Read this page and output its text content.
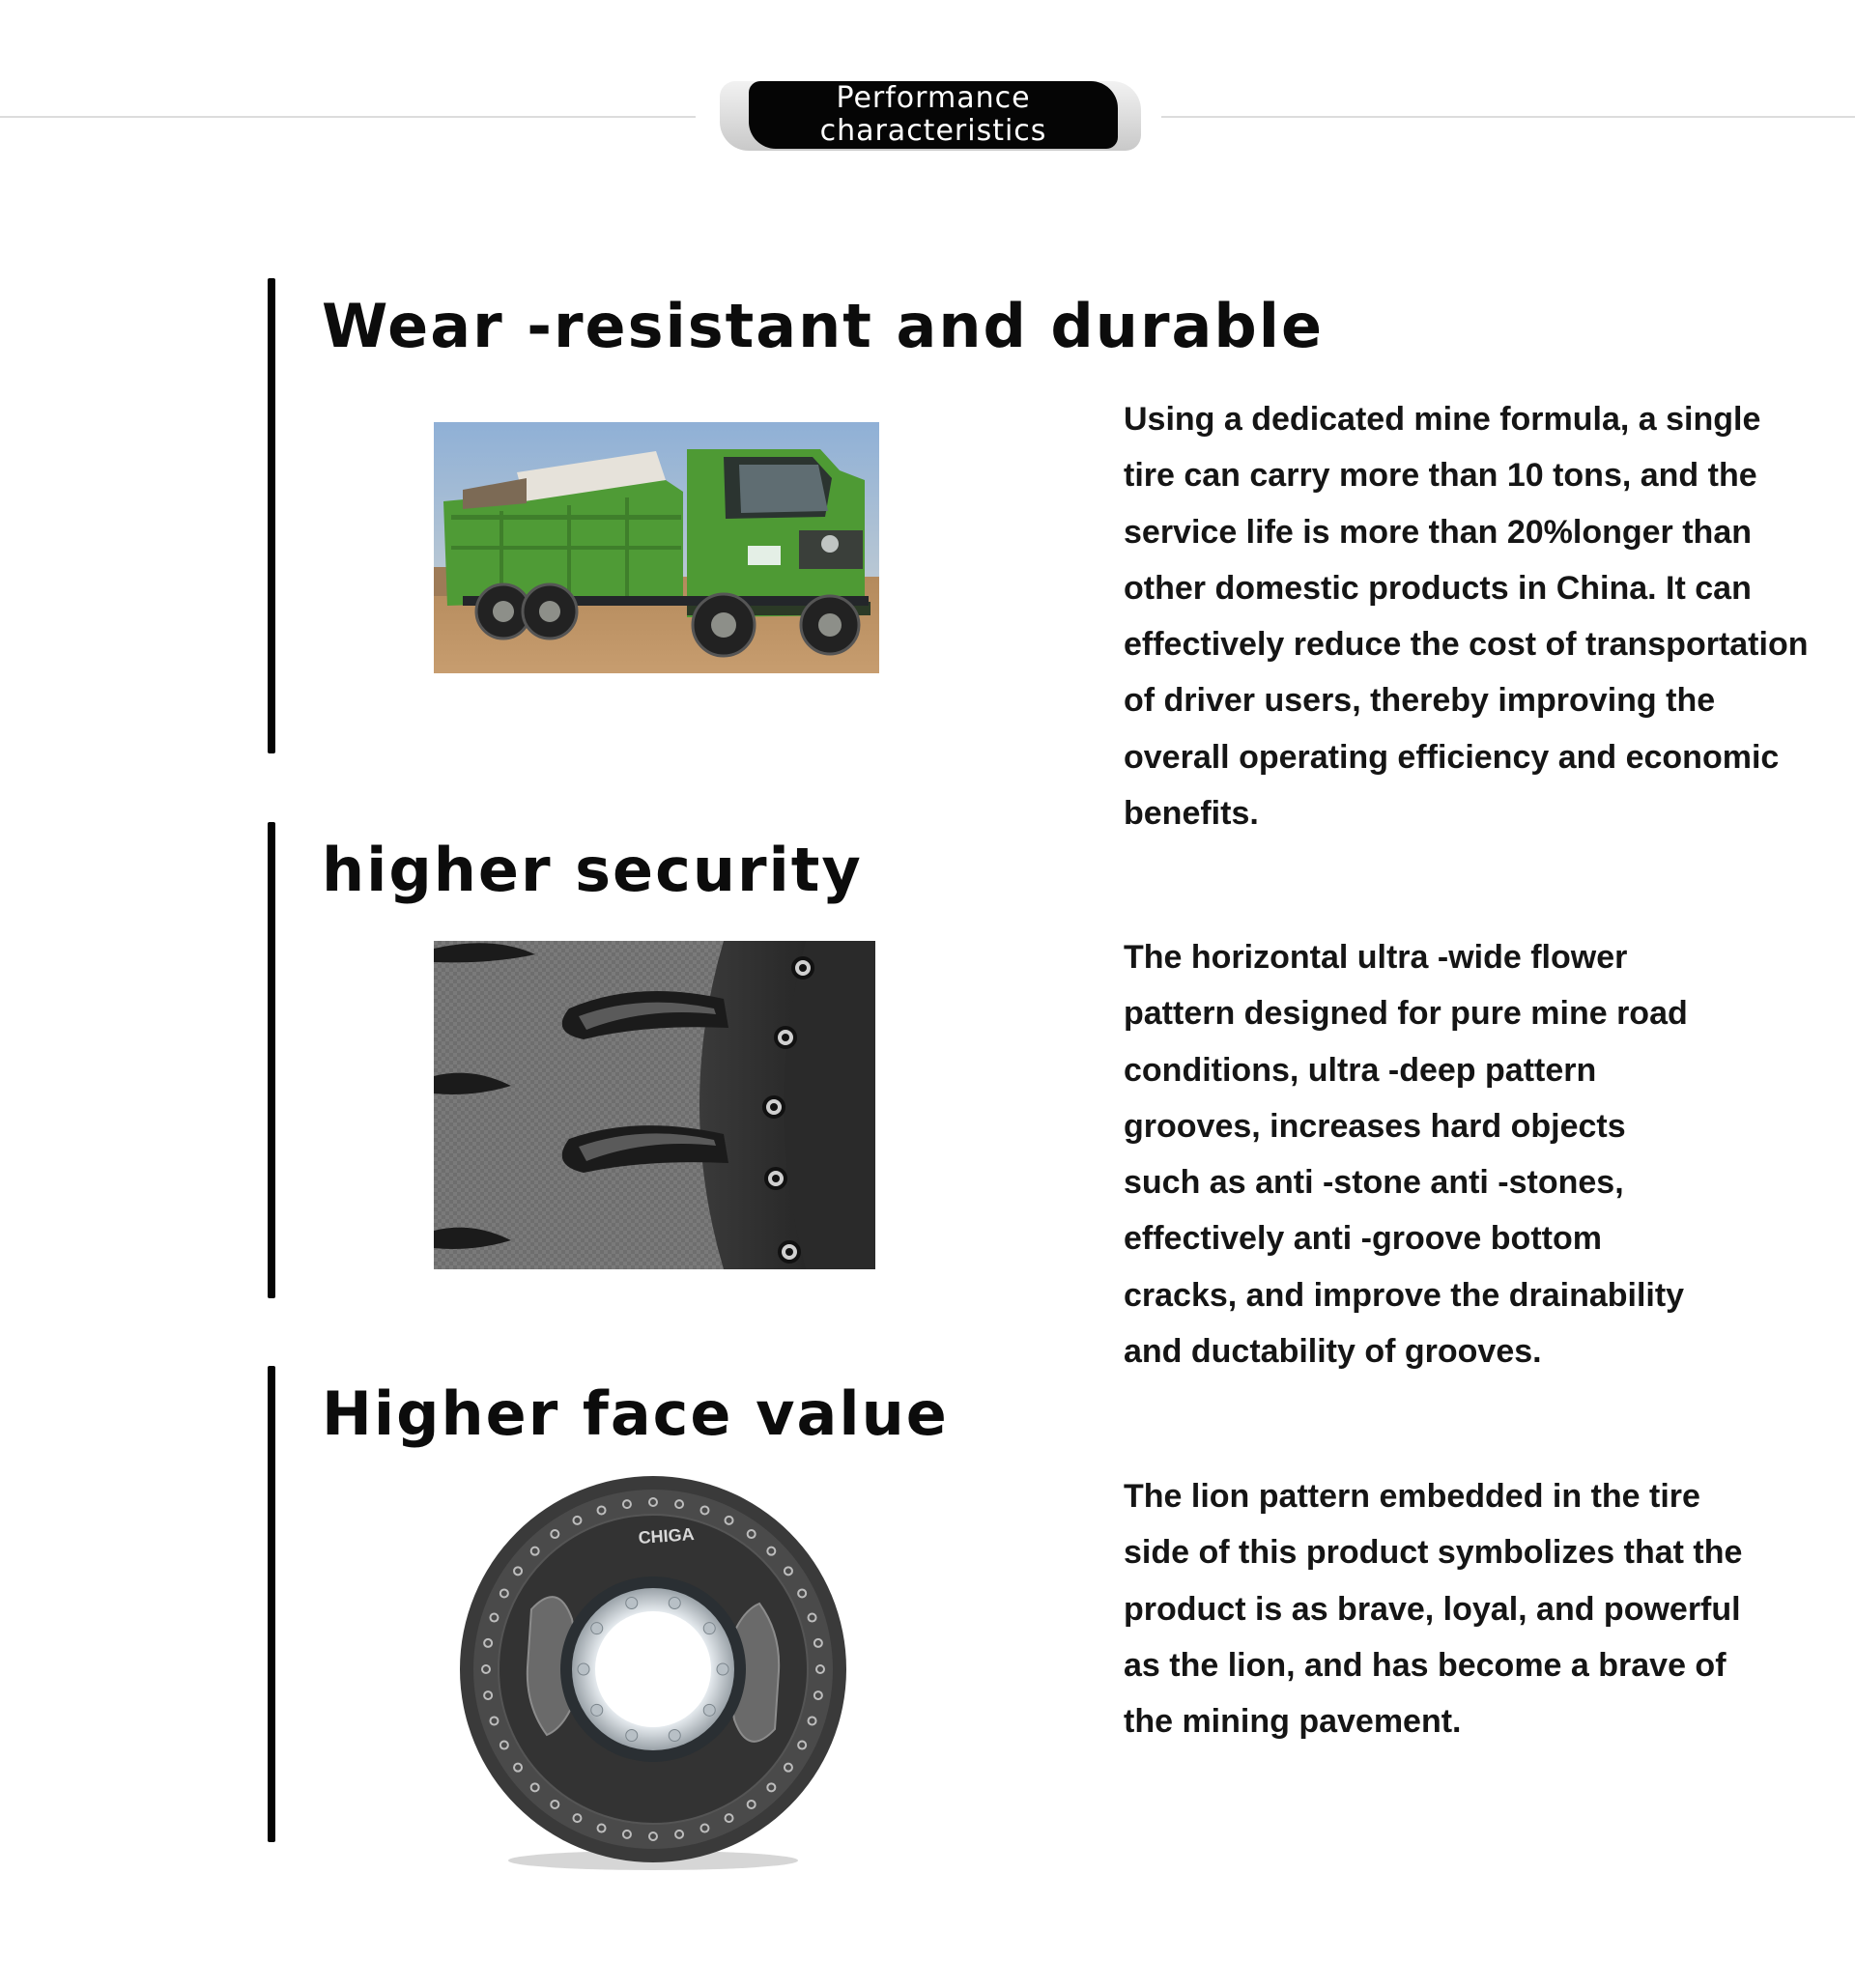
Performance
characteristics
Wear -resistant and durable

Using a dedicated mine formula, a single
tire can carry more than 10 tons, and the
service life is more than 20%longer than
other domestic products in China. It can
effectively reduce the cost of transportation
of driver users, thereby improving the
overall operating efficiency and economic
benefits.

higher security

The horizontal ultra -wide flower
pattern designed for pure mine road
conditions, ultra -deep pattern
grooves, increases hard objects
such as anti -stone anti -stones,
effectively anti -groove bottom
cracks, and improve the drainability
and ductability of grooves.

Higher face value
CHIGA

The lion pattern embedded in the tire
side of this product symbolizes that the
product is as brave, loyal, and powerful
as the lion, and has become a brave of
the mining pavement.
